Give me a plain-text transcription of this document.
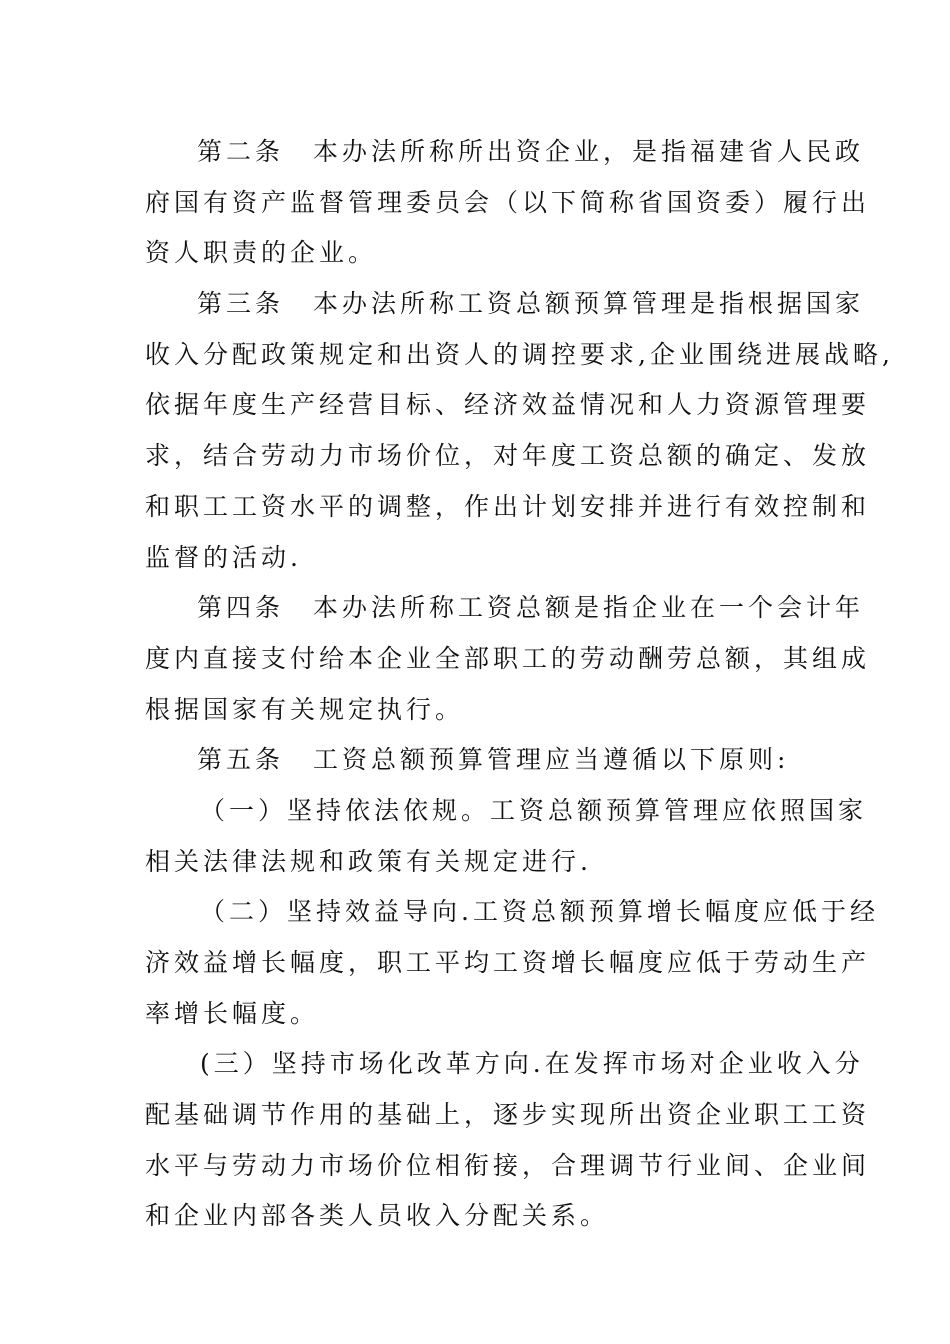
第二条　本办法所称所出资企业，是指福建省人民政
府国有资产监督管理委员会（以下简称省国资委）履行出
资人职责的企业。
第三条　本办法所称工资总额预算管理是指根据国家
收入分配政策规定和出资人的调控要求,企业围绕进展战略,
依据年度生产经营目标、经济效益情况和人力资源管理要
求，结合劳动力市场价位，对年度工资总额的确定、发放
和职工工资水平的调整，作出计划安排并进行有效控制和
监督的活动.
第四条　本办法所称工资总额是指企业在一个会计年
度内直接支付给本企业全部职工的劳动酬劳总额，其组成
根据国家有关规定执行。
第五条　工资总额预算管理应当遵循以下原则:
（一）坚持依法依规。工资总额预算管理应依照国家
相关法律法规和政策有关规定进行.
（二）坚持效益导向.工资总额预算增长幅度应低于经
济效益增长幅度，职工平均工资增长幅度应低于劳动生产
率增长幅度。
(三）坚持市场化改革方向.在发挥市场对企业收入分
配基础调节作用的基础上，逐步实现所出资企业职工工资
水平与劳动力市场价位相衔接，合理调节行业间、企业间
和企业内部各类人员收入分配关系。
